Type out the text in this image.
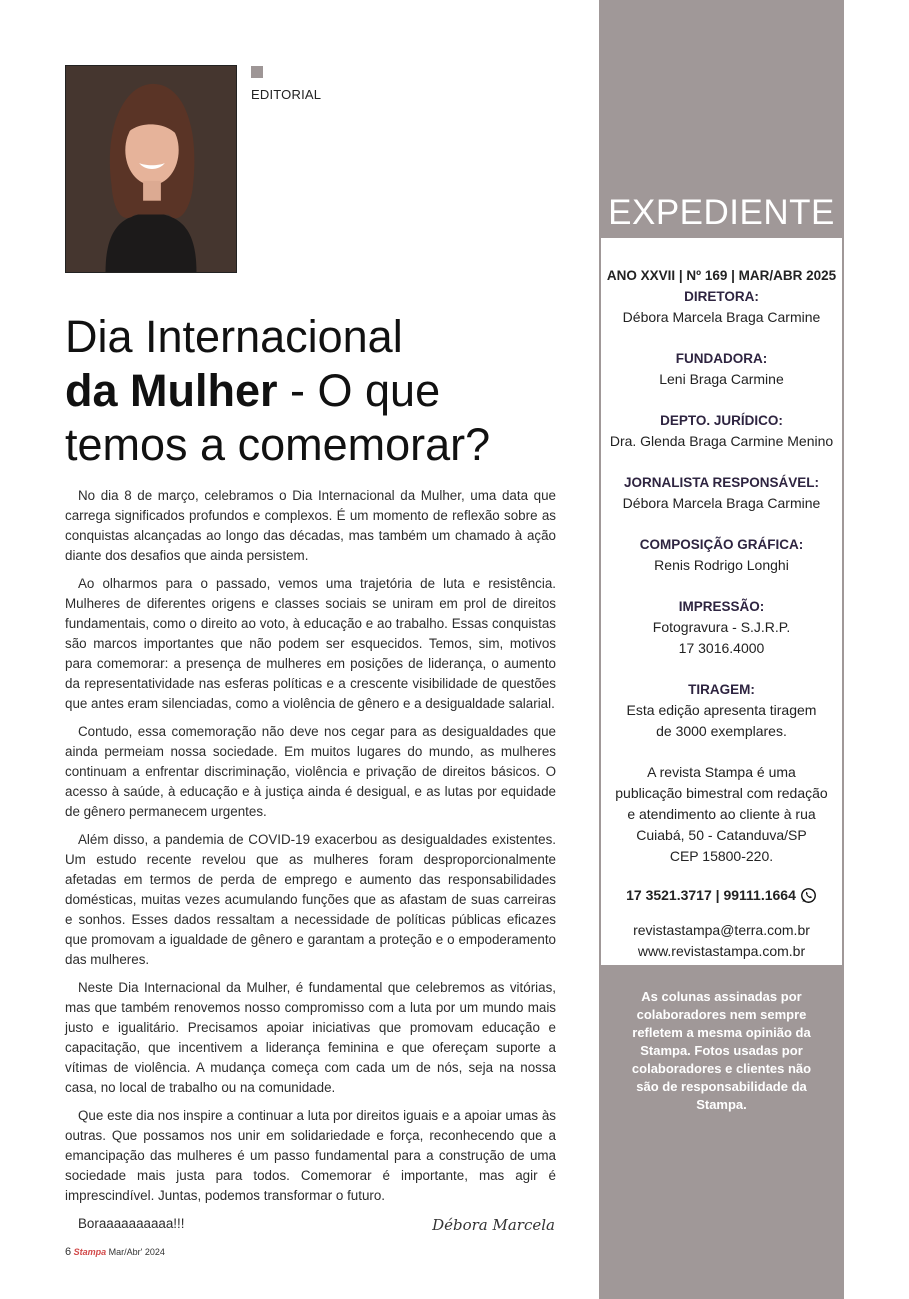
EDITORIAL
Dia Internacional
da Mulher - O que
temos a comemorar?

No dia 8 de março, celebramos o Dia Internacional da Mulher, uma data que carrega significados profundos e complexos. É um momento de reflexão sobre as conquistas alcançadas ao longo das décadas, mas também um chamado à ação diante dos desafios que ainda persistem.

Ao olharmos para o passado, vemos uma trajetória de luta e resistência. Mulheres de diferentes origens e classes sociais se uniram em prol de direitos fundamentais, como o direito ao voto, à educação e ao trabalho. Essas conquistas são marcos importantes que não podem ser esquecidos. Temos, sim, motivos para comemorar: a presença de mulheres em posições de liderança, o aumento da representatividade nas esferas políticas e a crescente visibilidade de questões que antes eram silenciadas, como a violência de gênero e a desigualdade salarial.

Contudo, essa comemoração não deve nos cegar para as desigualdades que ainda permeiam nossa sociedade. Em muitos lugares do mundo, as mulheres continuam a enfrentar discriminação, violência e privação de direitos básicos. O acesso à saúde, à educação e à justiça ainda é desigual, e as lutas por equidade de gênero permanecem urgentes.

Além disso, a pandemia de COVID-19 exacerbou as desigualdades existentes. Um estudo recente revelou que as mulheres foram desproporcionalmente afetadas em termos de perda de emprego e aumento das responsabilidades domésticas, muitas vezes acumulando funções que as afastam de suas carreiras e sonhos. Esses dados ressaltam a necessidade de políticas públicas eficazes que promovam a igualdade de gênero e garantam a proteção e o empoderamento das mulheres.

Neste Dia Internacional da Mulher, é fundamental que celebremos as vitórias, mas que também renovemos nosso compromisso com a luta por um mundo mais justo e igualitário. Precisamos apoiar iniciativas que promovam educação e capacitação, que incentivem a liderança feminina e que ofereçam suporte a vítimas de violência. A mudança começa com cada um de nós, seja na nossa casa, no local de trabalho ou na comunidade.

Que este dia nos inspire a continuar a luta por direitos iguais e a apoiar umas às outras. Que possamos nos unir em solidariedade e força, reconhecendo que a emancipação das mulheres é um passo fundamental para a construção de uma sociedade mais justa para todos. Comemorar é importante, mas agir é imprescindível. Juntas, podemos transformar o futuro.

Boraaaaaaaaaa!!!	Débora Marcela
6 Stampa Mar/Abr' 2024
EXPEDIENTE
ANO XXVII | Nº 169 | MAR/ABR 2025
DIRETORA:
Débora Marcela Braga Carmine
FUNDADORA:
Leni Braga Carmine
DEPTO. JURÍDICO:
Dra. Glenda Braga Carmine Menino
JORNALISTA RESPONSÁVEL:
Débora Marcela Braga Carmine
COMPOSIÇÃO GRÁFICA:
Renis Rodrigo Longhi
IMPRESSÃO:
Fotogravura - S.J.R.P.
17 3016.4000
TIRAGEM:
Esta edição apresenta tiragem
de 3000 exemplares.
A revista Stampa é uma
publicação bimestral com redação
e atendimento ao cliente à rua
Cuiabá, 50 - Catanduva/SP
CEP 15800-220.
17 3521.3717 | 99111.1664
revistastampa@terra.com.br
www.revistastampa.com.br
As colunas assinadas por colaboradores nem sempre refletem a mesma opinião da Stampa. Fotos usadas por colaboradores e clientes não são de responsabilidade da Stampa.
